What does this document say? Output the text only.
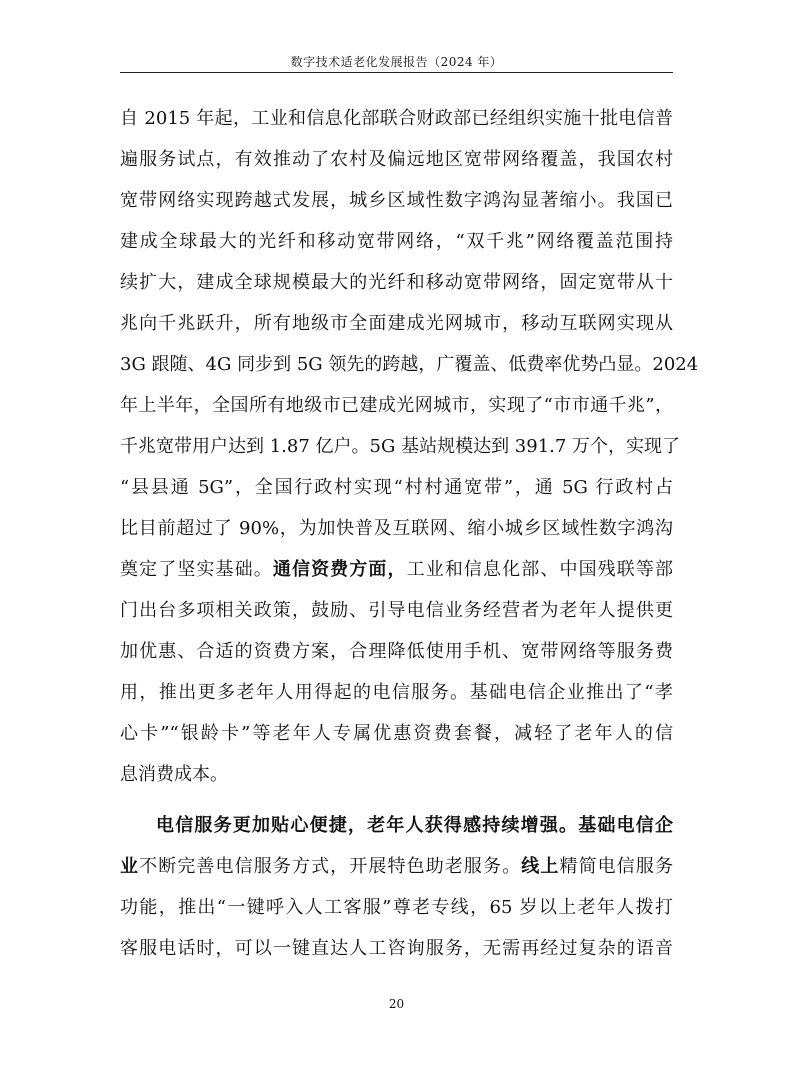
数字技术适老化发展报告（2024 年）
自 2015 年起，工业和信息化部联合财政部已经组织实施十批电信普
遍服务试点，有效推动了农村及偏远地区宽带网络覆盖，我国农村
宽带网络实现跨越式发展，城乡区域性数字鸿沟显著缩小。我国已
建成全球最大的光纤和移动宽带网络，“双千兆”网络覆盖范围持
续扩大，建成全球规模最大的光纤和移动宽带网络，固定宽带从十
兆向千兆跃升，所有地级市全面建成光网城市，移动互联网实现从
3G 跟随、4G 同步到 5G 领先的跨越，广覆盖、低费率优势凸显。2024
年上半年，全国所有地级市已建成光网城市，实现了“市市通千兆”，
千兆宽带用户达到 1.87 亿户。5G 基站规模达到 391.7 万个，实现了
“县县通 5G”，全国行政村实现“村村通宽带”，通 5G 行政村占
比目前超过了 90%，为加快普及互联网、缩小城乡区域性数字鸿沟
奠定了坚实基础。通信资费方面，工业和信息化部、中国残联等部
门出台多项相关政策，鼓励、引导电信业务经营者为老年人提供更
加优惠、合适的资费方案，合理降低使用手机、宽带网络等服务费
用，推出更多老年人用得起的电信服务。基础电信企业推出了“孝
心卡”“银龄卡”等老年人专属优惠资费套餐，减轻了老年人的信
息消费成本。
电信服务更加贴心便捷，老年人获得感持续增强。基础电信企
业不断完善电信服务方式，开展特色助老服务。线上精简电信服务
功能，推出“一键呼入人工客服”尊老专线，65 岁以上老年人拨打
客服电话时，可以一键直达人工咨询服务，无需再经过复杂的语音
20
